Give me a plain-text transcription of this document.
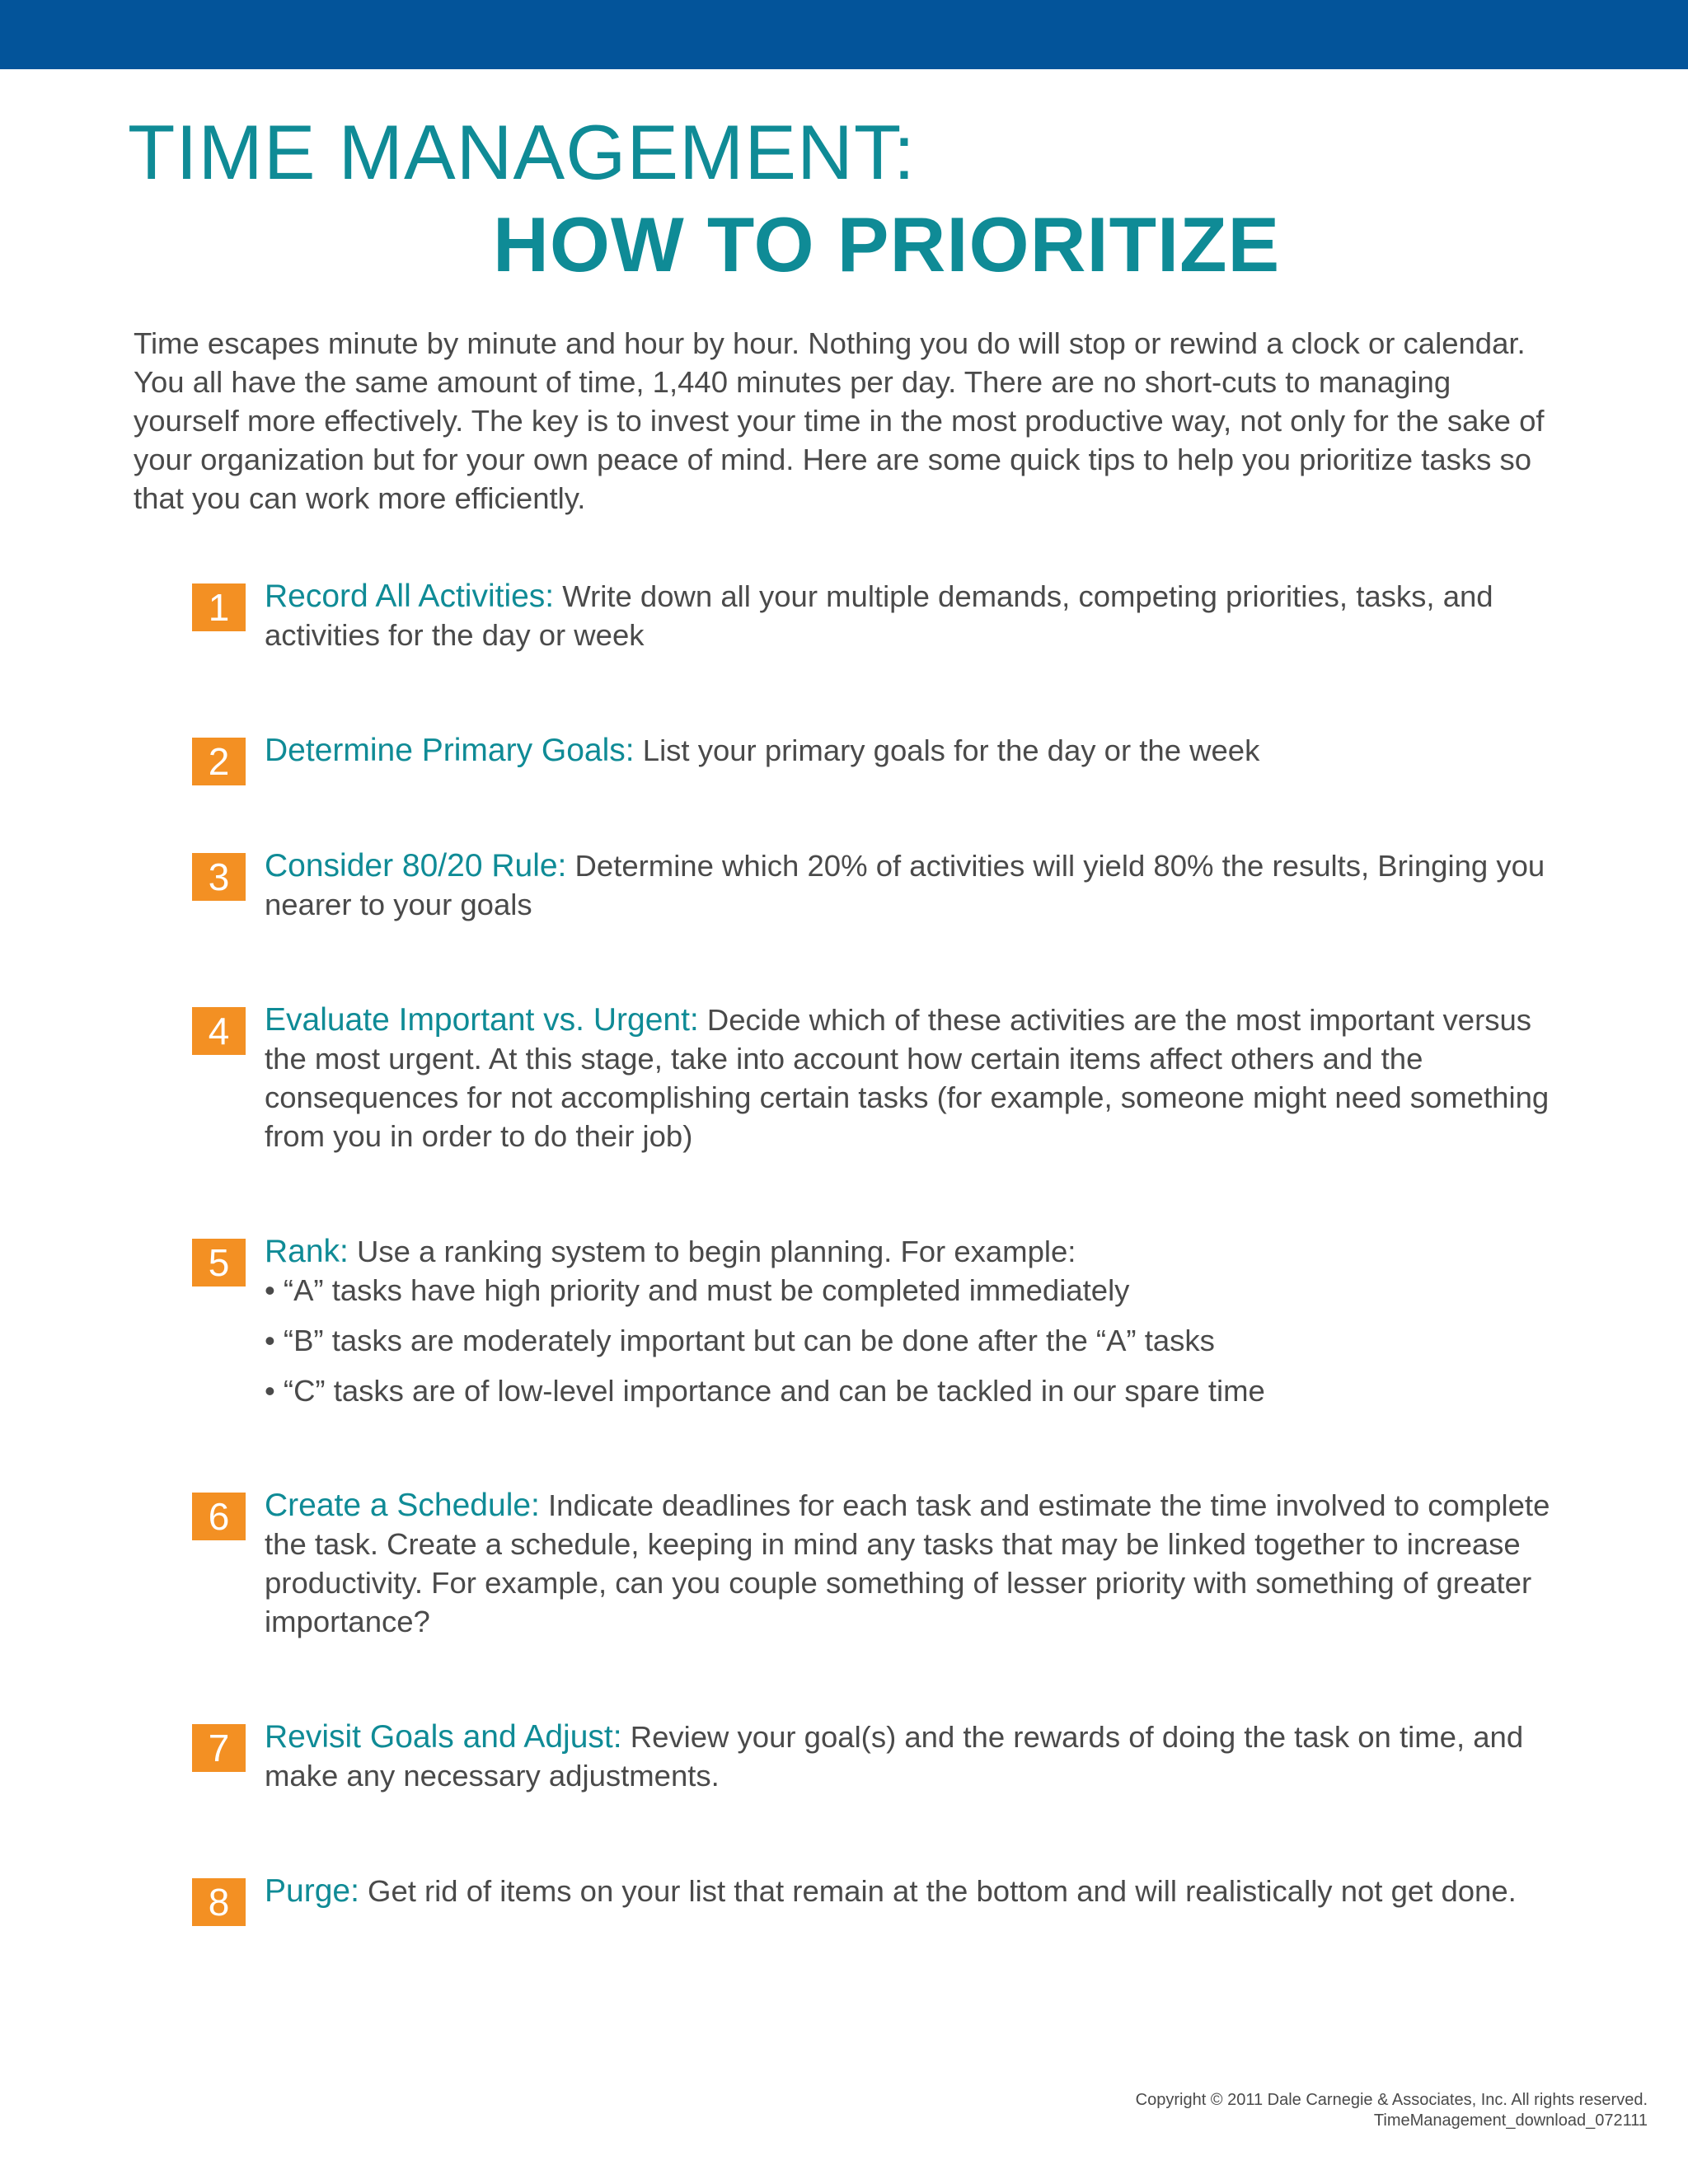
TIME MANAGEMENT:
HOW TO PRIORITIZE

Time escapes minute by minute and hour by hour. Nothing you do will stop or rewind a clock or calendar. You all have the same amount of time, 1,440 minutes per day. There are no short-cuts to managing yourself more effectively. The key is to invest your time in the most productive way, not only for the sake of your organization but for your own peace of mind. Here are some quick tips to help you prioritize tasks so that you can work more efficiently.

1	Record All Activities: Write down all your multiple demands, competing priorities, tasks, and activities for the day or week
2	Determine Primary Goals: List your primary goals for the day or the week
3	Consider 80/20 Rule: Determine which 20% of activities will yield 80% the results, Bringing you nearer to your goals
4	Evaluate Important vs. Urgent: Decide which of these activities are the most important versus the most urgent. At this stage, take into account how certain items affect others and the consequences for not accomplishing certain tasks (for example, someone might need something from you in order to do their job)
5	Rank: Use a ranking system to begin planning. For example:
• “A” tasks have high priority and must be completed immediately
• “B” tasks are moderately important but can be done after the “A” tasks
• “C” tasks are of low-level importance and can be tackled in our spare time
6	Create a Schedule: Indicate deadlines for each task and estimate the time involved to complete the task. Create a schedule, keeping in mind any tasks that may be linked together to increase productivity. For example, can you couple something of lesser priority with something of greater importance?
7	Revisit Goals and Adjust: Review your goal(s) and the rewards of doing the task on time, and make any necessary adjustments.
8	Purge: Get rid of items on your list that remain at the bottom and will realistically not get done.
Copyright © 2011 Dale Carnegie & Associates, Inc. All rights reserved.
TimeManagement_download_072111
